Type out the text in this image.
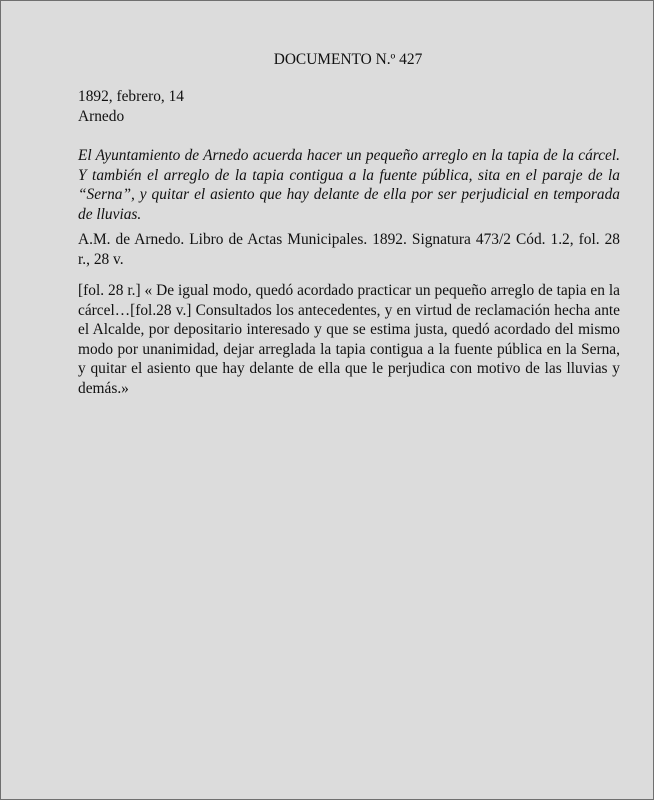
DOCUMENTO N.º 427
1892, febrero, 14
Arnedo

El Ayuntamiento de Arnedo acuerda hacer un pequeño arreglo en la tapia de la cárcel. Y también el arreglo de la tapia contigua a la fuente pública, sita en el paraje de la “Serna”, y quitar el asiento que hay delante de ella por ser perjudicial en temporada de lluvias.

A.M. de Arnedo. Libro de Actas Municipales. 1892. Signatura 473/2 Cód. 1.2, fol. 28 r., 28 v.

[fol. 28 r.] « De igual modo, quedó acordado practicar un pequeño arreglo de tapia en la cárcel…[fol.28 v.] Consultados los antecedentes, y en virtud de reclamación hecha ante el Alcalde, por depositario interesado y que se estima justa, quedó acordado del mismo modo por unanimidad, dejar arreglada la tapia contigua a la fuente pública en la Serna, y quitar el asiento que hay delante de ella que le perjudica con motivo de las lluvias y demás.»
